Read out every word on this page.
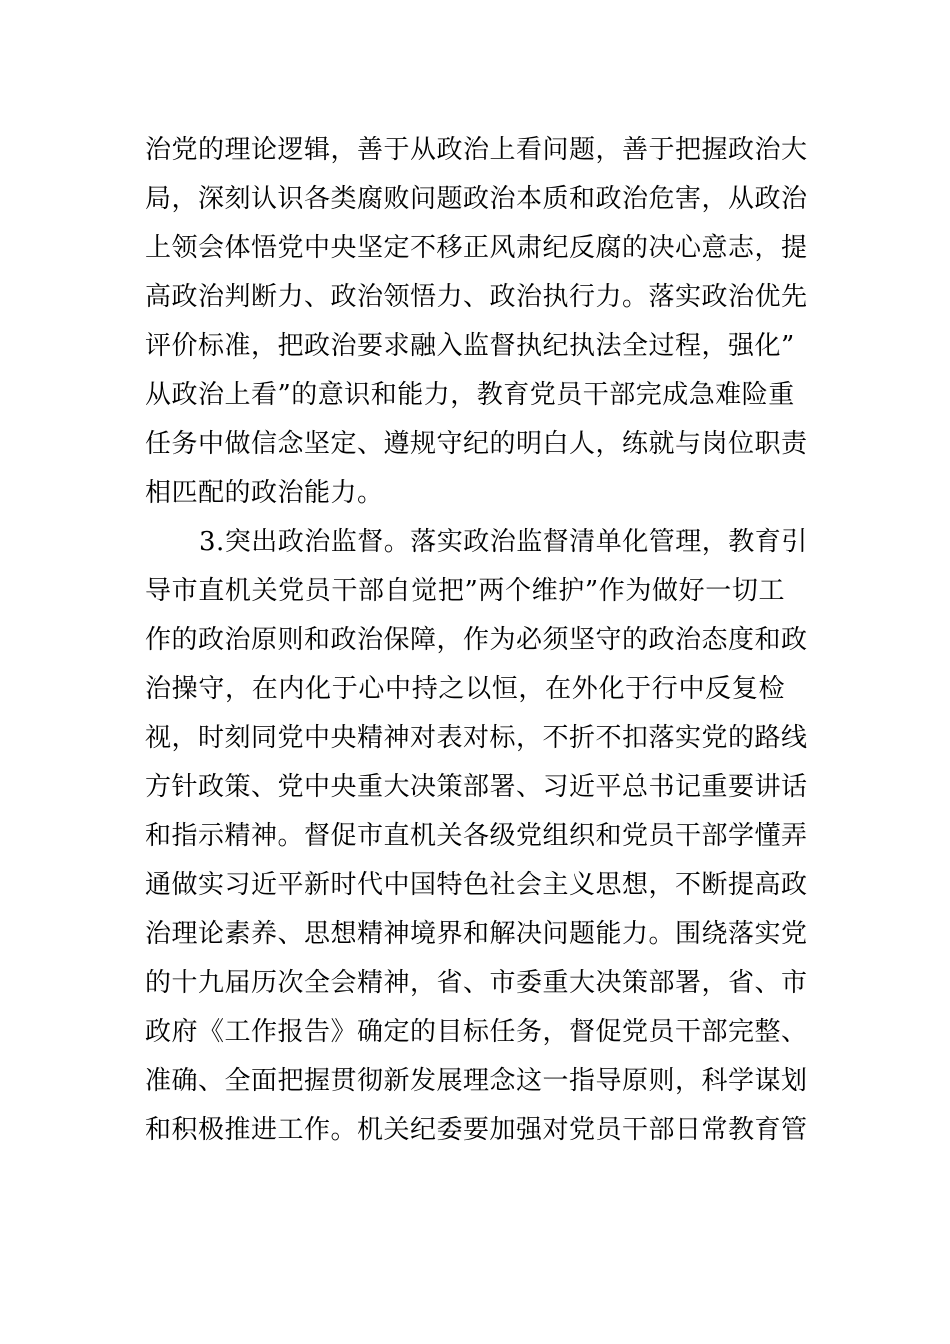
治党的理论逻辑，善于从政治上看问题，善于把握政治大
局，深刻认识各类腐败问题政治本质和政治危害，从政治
上领会体悟党中央坚定不移正风肃纪反腐的决心意志，提
高政治判断力、政治领悟力、政治执行力。落实政治优先
评价标准，把政治要求融入监督执纪执法全过程，强化”
从政治上看”的意识和能力，教育党员干部完成急难险重
任务中做信念坚定、遵规守纪的明白人，练就与岗位职责
相匹配的政治能力。
3.突出政治监督。落实政治监督清单化管理，教育引
导市直机关党员干部自觉把”两个维护”作为做好一切工
作的政治原则和政治保障，作为必须坚守的政治态度和政
治操守，在内化于心中持之以恒，在外化于行中反复检
视，时刻同党中央精神对表对标，不折不扣落实党的路线
方针政策、党中央重大决策部署、习近平总书记重要讲话
和指示精神。督促市直机关各级党组织和党员干部学懂弄
通做实习近平新时代中国特色社会主义思想，不断提高政
治理论素养、思想精神境界和解决问题能力。围绕落实党
的十九届历次全会精神，省、市委重大决策部署，省、市
政府《工作报告》确定的目标任务，督促党员干部完整、
准确、全面把握贯彻新发展理念这一指导原则，科学谋划
和积极推进工作。机关纪委要加强对党员干部日常教育管
